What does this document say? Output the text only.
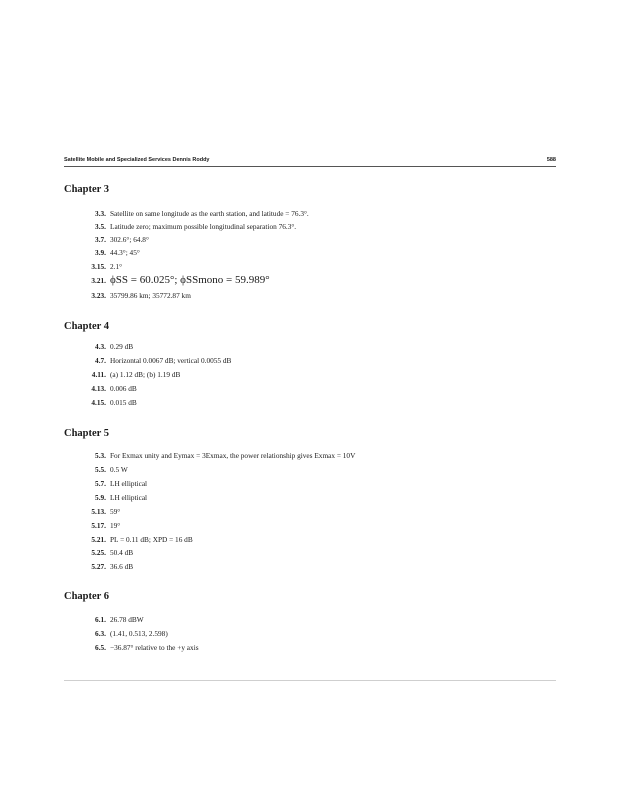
Satellite Mobile and Specialized Services Dennis Roddy	588
Chapter 3
3.3. Satellite on same longitude as the earth station, and latitude = 76.3°.
3.5. Latitude zero; maximum possible longitudinal separation 76.3°.
3.7. 302.6°; 64.8°
3.9. 44.3°; 45°
3.15. 2.1°
3.21. ϕSS = 60.025°; ϕSSmono = 59.989°
3.23. 35799.86 km; 35772.87 km
Chapter 4
4.3. 0.29 dB
4.7. Horizontal 0.0067 dB; vertical 0.0055 dB
4.11. (a) 1.12 dB; (b) 1.19 dB
4.13. 0.006 dB
4.15. 0.015 dB
Chapter 5
5.3. For Exmax unity and Eymax = 3Exmax, the power relationship gives Exmax = 10V
5.5. 0.5 W
5.7. LH elliptical
5.9. LH elliptical
5.13. 59°
5.17. 19°
5.21. PL = 0.11 dB; XPD = 16 dB
5.25. 50.4 dB
5.27. 36.6 dB
Chapter 6
6.1. 26.78 dBW
6.3. (1.41, 0.513, 2.598)
6.5. −36.87° relative to the +y axis
